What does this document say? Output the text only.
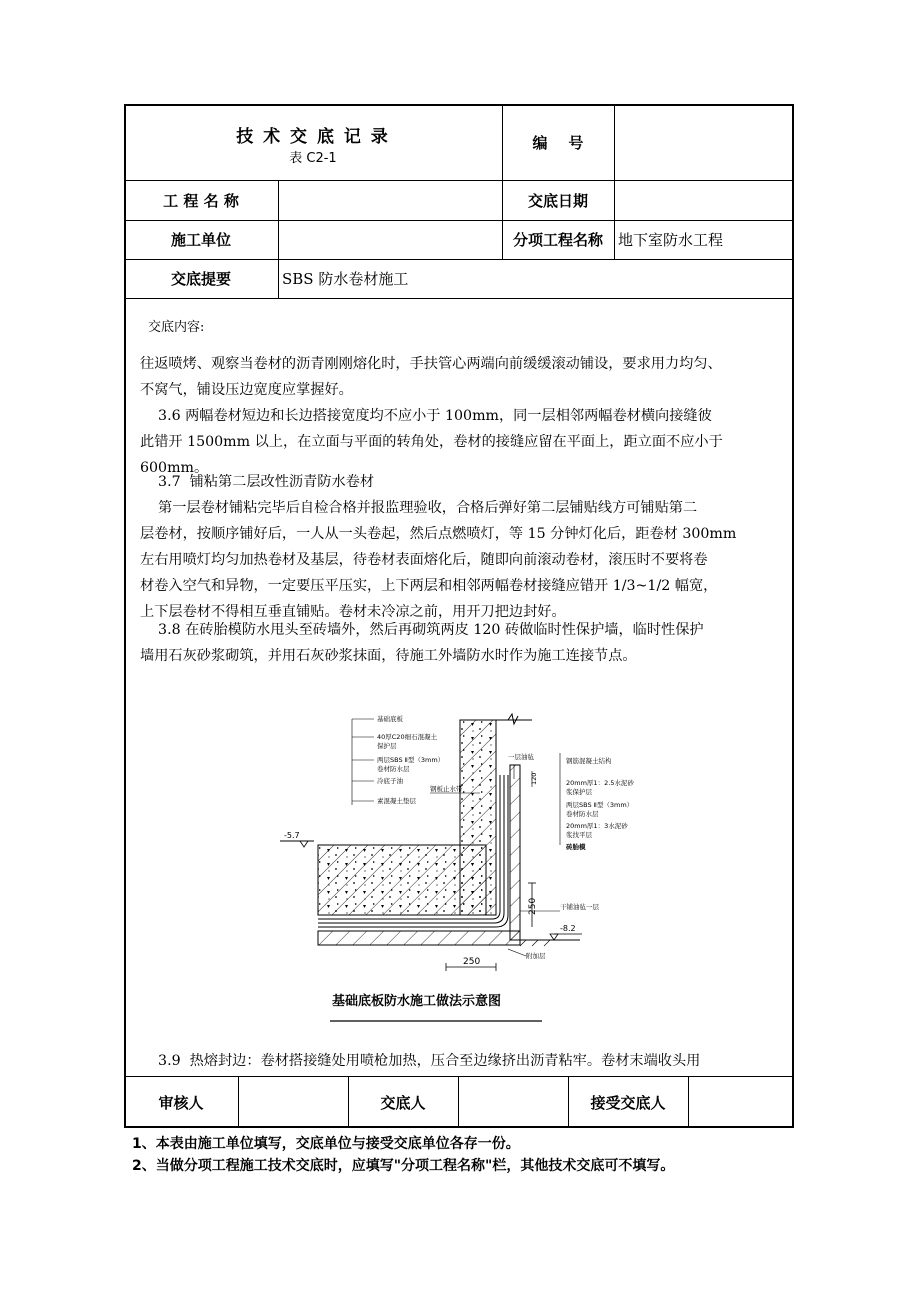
技 术 交 底 记 录
表 C2-1
编    号
工 程 名 称	交底日期
施工单位	分项工程名称	地下室防水工程
交底提要	SBS 防水卷材施工
交底内容:
往返喷烤、观察当卷材的沥青刚刚熔化时，手扶管心两端向前缓缓滚动铺设，要求用力均匀、
不窝气，铺设压边宽度应掌握好。
3.6 两幅卷材短边和长边搭接宽度均不应小于 100mm，同一层相邻两幅卷材横向接缝彼
此错开 1500mm 以上，在立面与平面的转角处，卷材的接缝应留在平面上，距立面不应小于
600mm。
3.7  铺粘第二层改性沥青防水卷材
第一层卷材铺粘完毕后自检合格并报监理验收，合格后弹好第二层铺贴线方可铺贴第二
层卷材，按顺序铺好后，一人从一头卷起，然后点燃喷灯，等 15 分钟灯化后，距卷材 300mm
左右用喷灯均匀加热卷材及基层，待卷材表面熔化后，随即向前滚动卷材，滚压时不要将卷
材卷入空气和异物，一定要压平压实，上下两层和相邻两幅卷材接缝应错开 1/3~1/2 幅宽，
上下层卷材不得相互垂直铺贴。卷材未冷凉之前，用开刀把边封好。
3.8 在砖胎模防水甩头至砖墙外，然后再砌筑两皮 120 砖做临时性保护墙，临时性保护
墙用石灰砂浆砌筑，并用石灰砂浆抹面，待施工外墙防水时作为施工连接节点。
-5.7
-8.2
250
250
120
基础底板
40厚C20细石混凝土
保护层
两层SBS Ⅱ型（3mm）
卷材防水层
冷底子油
素混凝土垫层
钢板止水带
一层油毡	钢筋混凝土结构
20mm厚1：2.5水泥砂
浆保护层
两层SBS Ⅱ型（3mm）
卷材防水层
20mm厚1：3水泥砂
浆找平层
砖胎模
干铺油毡一层
附加层
基础底板防水施工做法示意图
3.9  热熔封边：卷材搭接缝处用喷枪加热，压合至边缘挤出沥青粘牢。卷材末端收头用
审核人	交底人	接受交底人
1、本表由施工单位填写，交底单位与接受交底单位各存一份。
2、当做分项工程施工技术交底时，应填写"分项工程名称"栏，其他技术交底可不填写。
